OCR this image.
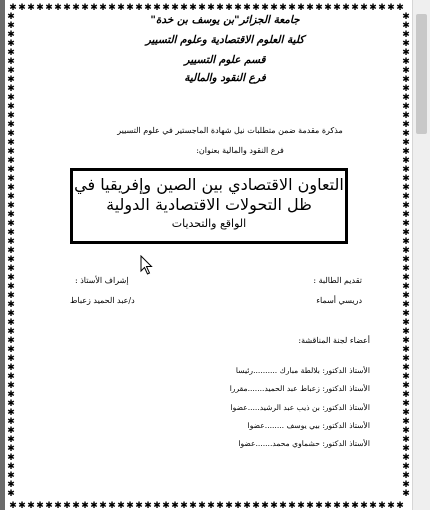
✱
✱
✱
✱
✱
✱
✱
✱
✱
✱
✱
✱
✱
✱
✱
✱
✱
✱
✱
✱
✱
✱
✱
✱
✱
✱
✱
✱
✱
✱
✱
✱
✱
✱
✱
✱
✱
✱
✱
✱
✱
✱
✱
✱
✱
✱
✱
✱
✱
✱
✱
✱
✱
✱
✱
✱
✱
✱
✱
✱
✱
✱
✱
✱
✱
✱
✱
✱
✱
✱
✱
✱
✱
✱
✱
✱
✱
✱
✱
✱
✱
✱
✱
✱
✱
✱
✱
✱
✱	✱
✱	✱
✱	✱
✱	✱
✱	✱
✱	✱
✱	✱
✱	✱
✱	✱
✱	✱
✱	✱
✱	✱
✱	✱
✱	✱
✱	✱
✱	✱
✱	✱
✱	✱
✱	✱
✱	✱
✱	✱
✱	✱
✱	✱
✱	✱
✱	✱
✱	✱
✱	✱
✱	✱
✱	✱
✱	✱
✱	✱
✱	✱
✱	✱
✱	✱
✱	✱
✱	✱
✱	✱
✱	✱
✱	✱
✱	✱
✱	✱
✱	✱
✱	✱
✱	✱
✱	✱
✱	✱
✱	✱
✱	✱
✱	✱
✱	✱
✱	✱
✱	✱
✱	✱
✱	✱
جامعة الجزائر"بن يوسف بن خدة"
كلية العلوم الاقتصادية وعلوم التسيير
قسم علوم التسيير
فرع النقود والمالية
مذكرة مقدمة ضمن متطلبات نيل شهادة الماجستير في علوم التسيير
فرع النقود والمالية بعنوان:
التعاون الاقتصادي بين الصين وإفريقيا في
ظل التحولات الاقتصادية الدولية
الواقع والتحديات
تقديم الطالبة :
دريسي أسماء
إشراف الأستاذ :
د/عبد الحميد زعباط
أعضاء لجنة المناقشة:
الأستاذ الدكتور: بلالطة مبارك ..........رئيسا
الأستاذ الدكتور: زعباط عبد الحميد.......مقررا
الأستاذ الدكتور: بن ذيب عبد الرشيد.....عضوا
الأستاذ الدكتور: بيي يوسف ........عضوا
الأستاذ الدكتور: حشماوي محمد.......عضوا
